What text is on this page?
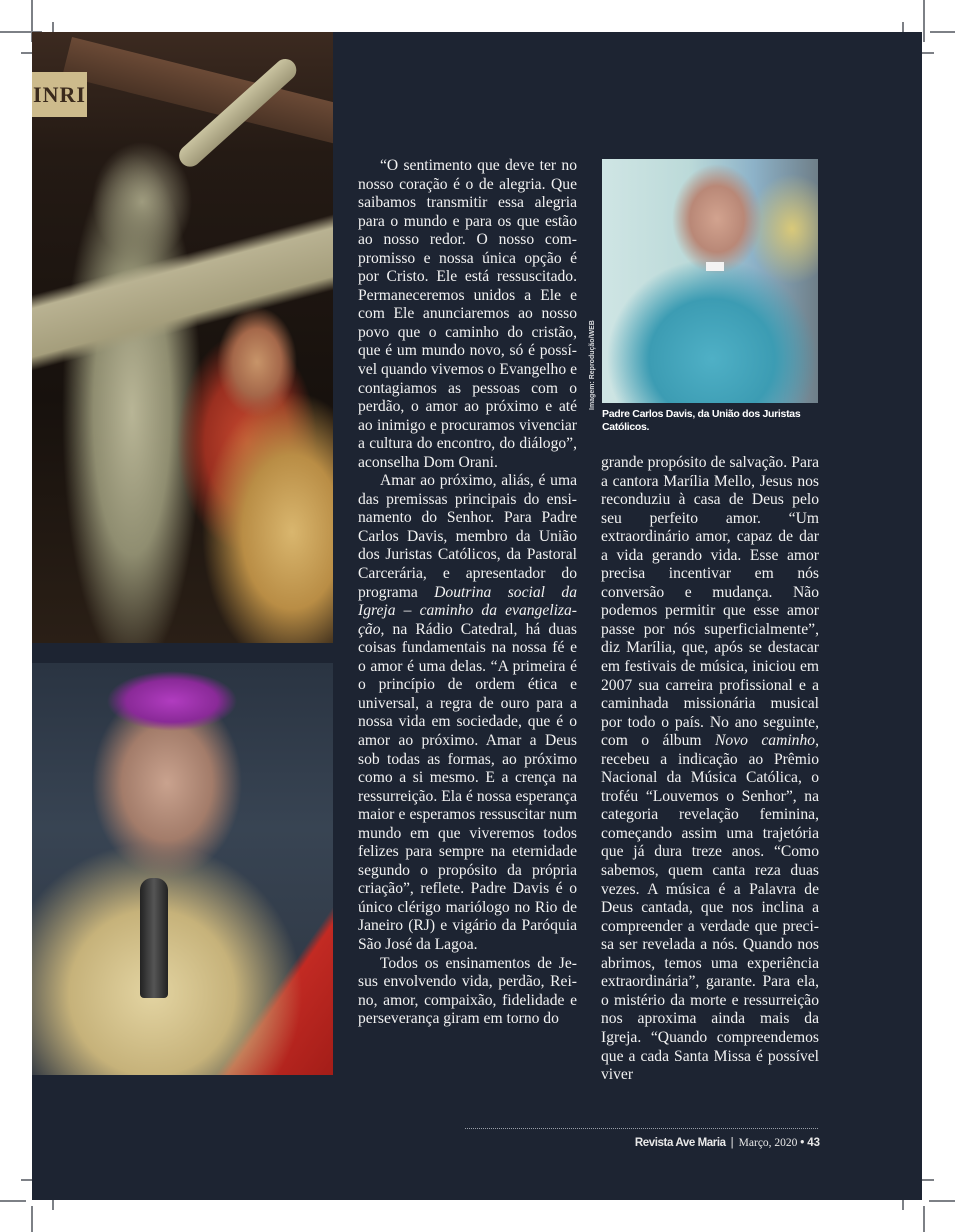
INRI
Imagem: Reprodução/WEB
Padre Carlos Davis, da União dos Juristas Católicos.

“O sentimento que deve ter no nosso coração é o de alegria. Que saibamos transmitir essa alegria para o mundo e para os que estão ao nosso redor. O nosso compromisso e nossa única opção é por Cristo. Ele está ressuscitado. Permaneceremos unidos a Ele e com Ele anunciaremos ao nosso povo que o caminho do cristão, que é um mundo novo, só é possível quando vivemos o Evangelho e contagiamos as pessoas com o perdão, o amor ao próximo e até ao inimigo e procuramos vivenciar a cultura do encontro, do diálogo”, aconselha Dom Orani.

Amar ao próximo, aliás, é uma das premissas principais do ensinamento do Senhor. Para Padre Carlos Davis, membro da União dos Juristas Católicos, da Pastoral Carcerária, e apresentador do programa Doutrina social da Igreja – caminho da evangelização, na Rádio Catedral, há duas coisas fundamentais na nossa fé e o amor é uma delas. “A primeira é o princípio de ordem ética e universal, a regra de ouro para a nossa vida em sociedade, que é o amor ao próximo. Amar a Deus sob todas as formas, ao próximo como a si mesmo. E a crença na ressurreição. Ela é nossa esperança maior e esperamos ressuscitar num mundo em que viveremos todos felizes para sempre na eternidade segundo o propósito da própria criação”, reflete. Padre Davis é o único clérigo mariólogo no Rio de Janeiro (RJ) e vigário da Paróquia São José da Lagoa.

Todos os ensinamentos de Jesus envolvendo vida, perdão, Reino, amor, compaixão, fidelidade e perseverança giram em torno do

grande propósito de salvação. Para a cantora Marília Mello, Jesus nos reconduziu à casa de Deus pelo seu perfeito amor. “Um extraordinário amor, capaz de dar a vida gerando vida. Esse amor precisa incentivar em nós conversão e mudança. Não podemos permitir que esse amor passe por nós superficialmente”, diz Marília, que, após se destacar em festivais de música, iniciou em 2007 sua carreira profissional e a caminhada missionária musical por todo o país. No ano seguinte, com o álbum Novo caminho, recebeu a indicação ao Prêmio Nacional da Música Católica, o troféu “Louvemos o Senhor”, na categoria revelação feminina, começando assim uma trajetória que já dura treze anos. “Como sabemos, quem canta reza duas vezes. A música é a Palavra de Deus cantada, que nos inclina a compreender a verdade que precisa ser revelada a nós. Quando nos abrimos, temos uma experiência extraordinária”, garante. Para ela, o mistério da morte e ressurreição nos aproxima ainda mais da Igreja. “Quando compreendemos que a cada Santa Missa é possível viver

Revista Ave Maria | Março, 2020 • 43
